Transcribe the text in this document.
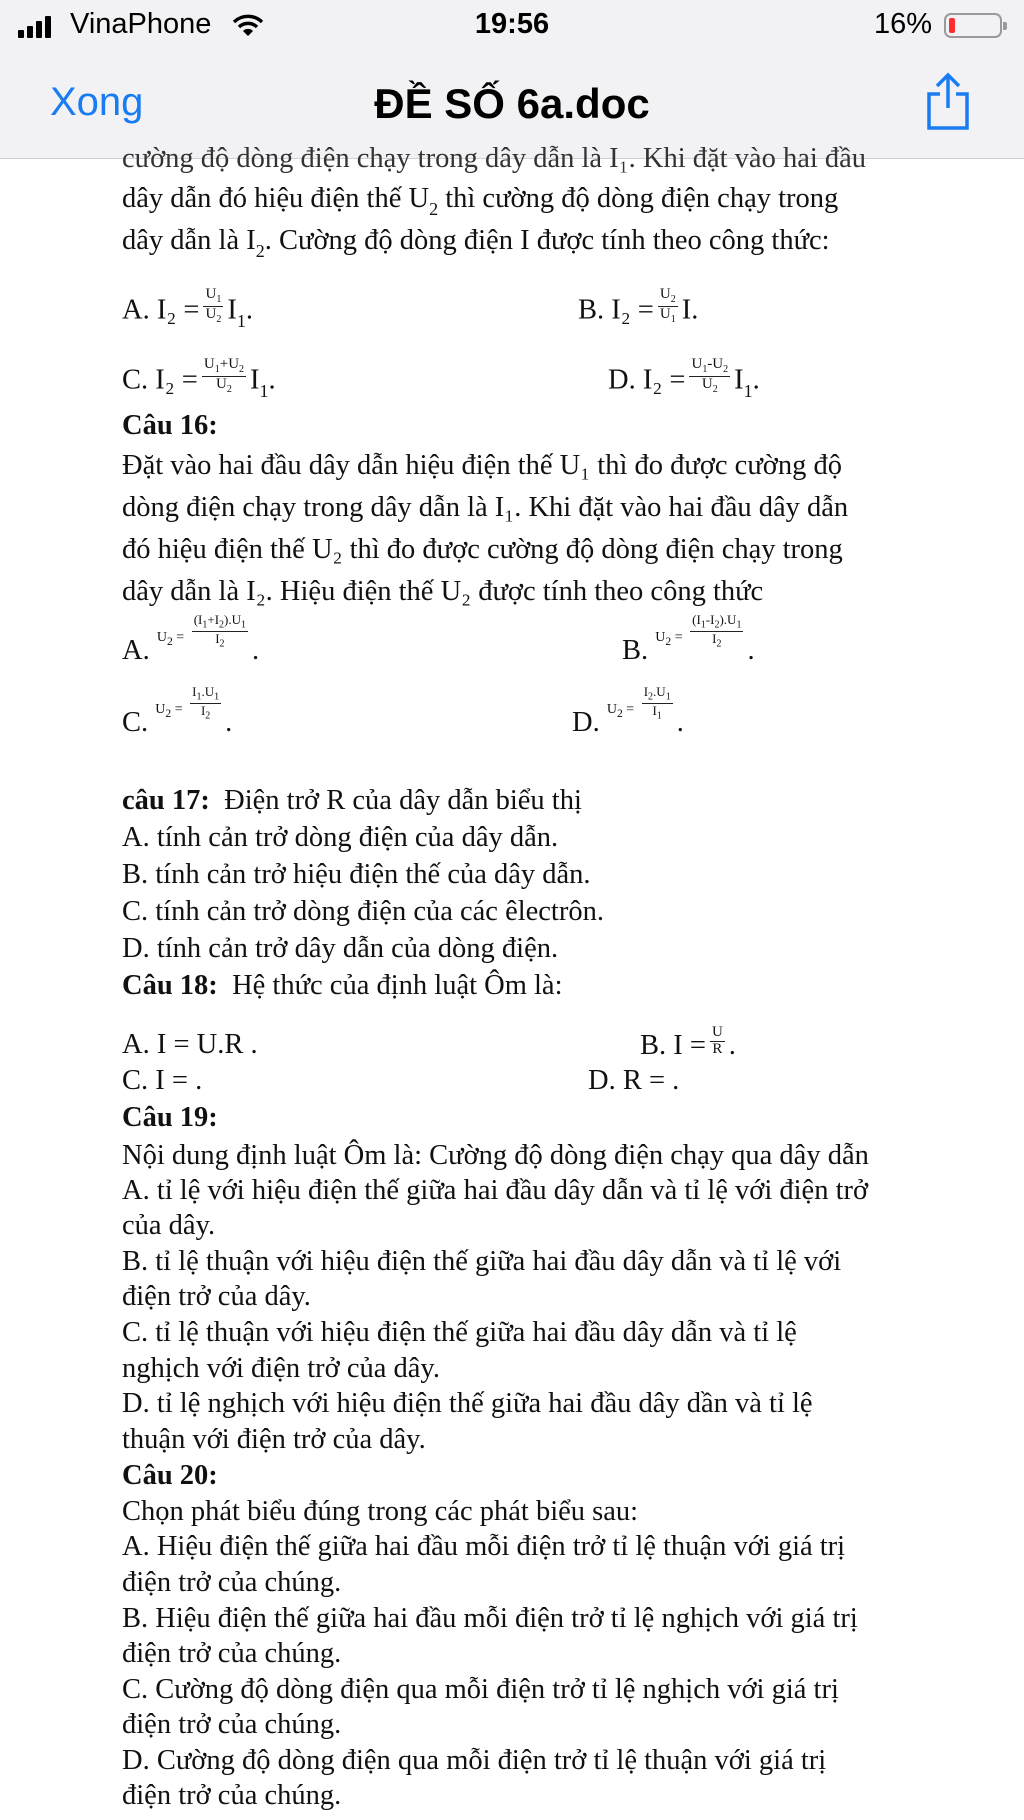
VinaPhone	19:56	16%
Xong	ĐỀ SỐ 6a.doc
cường độ dòng điện chạy trong dây dẫn là I₁. Khi đặt vào hai đầu
dây dẫn đó hiệu điện thế $U_2$ thì cường độ dòng điện chạy trong
dây dẫn là $I_2$. Cường độ dòng điện I được tính theo công thức:
A. $I_2 = \frac{U_1}{U_2} I_1$.	B. $I_2 = \frac{U_2}{U_1} I$.
C. $I_2 = \frac{U_1+U_2}{U_2} I_1$.	D. $I_2 = \frac{U_1-U_2}{U_2} I_1$.
Câu 16:
Đặt vào hai đầu dây dẫn hiệu điện thế U₁ thì đo được cường độ
dòng điện chạy trong dây dẫn là I₁. Khi đặt vào hai đầu dây dẫn
đó hiệu điện thế U₂ thì đo được cường độ dòng điện chạy trong
dây dẫn là I₂. Hiệu điện thế U₂ được tính theo công thức
A. $^{U_2 = \frac{(I_1+I_2).U_1}{I_2}}$
.	B. $^{U_2 = \frac{(I_1-I_2).U_1}{I_2}}$
.
C. $^{U_2 = \frac{I_1.U_1}{I_2}}$
.	D. $^{U_2 = \frac{I_2.U_1}{I_1}}$
.
câu 17: Điện trở R của dây dẫn biểu thị
A. tính cản trở dòng điện của dây dẫn.
B. tính cản trở hiệu điện thế của dây dẫn.
C. tính cản trở dòng điện của các êlectrôn.
D. tính cản trở dây dẫn của dòng điện.
Câu 18: Hệ thức của định luật Ôm là:
A. I = U.R .	B. $I = \frac{U}{R}$ .
C. I = .	D. R = .
Câu 19:
Nội dung định luật Ôm là: Cường độ dòng điện chạy qua dây dẫn
A. tỉ lệ với hiệu điện thế giữa hai đầu dây dẫn và tỉ lệ với điện trở
của dây.
B. tỉ lệ thuận với hiệu điện thế giữa hai đầu dây dẫn và tỉ lệ với
điện trở của dây.
C. tỉ lệ thuận với hiệu điện thế giữa hai đầu dây dẫn và tỉ lệ
nghịch với điện trở của dây.
D. tỉ lệ nghịch với hiệu điện thế giữa hai đầu dây dần và tỉ lệ
thuận với điện trở của dây.
Câu 20:
Chọn phát biểu đúng trong các phát biểu sau:
A. Hiệu điện thế giữa hai đầu mỗi điện trở tỉ lệ thuận với giá trị
điện trở của chúng.
B. Hiệu điện thế giữa hai đầu mỗi điện trở tỉ lệ nghịch với giá trị
điện trở của chúng.
C. Cường độ dòng điện qua mỗi điện trở tỉ lệ nghịch với giá trị
điện trở của chúng.
D. Cường độ dòng điện qua mỗi điện trở tỉ lệ thuận với giá trị
điện trở của chúng.
